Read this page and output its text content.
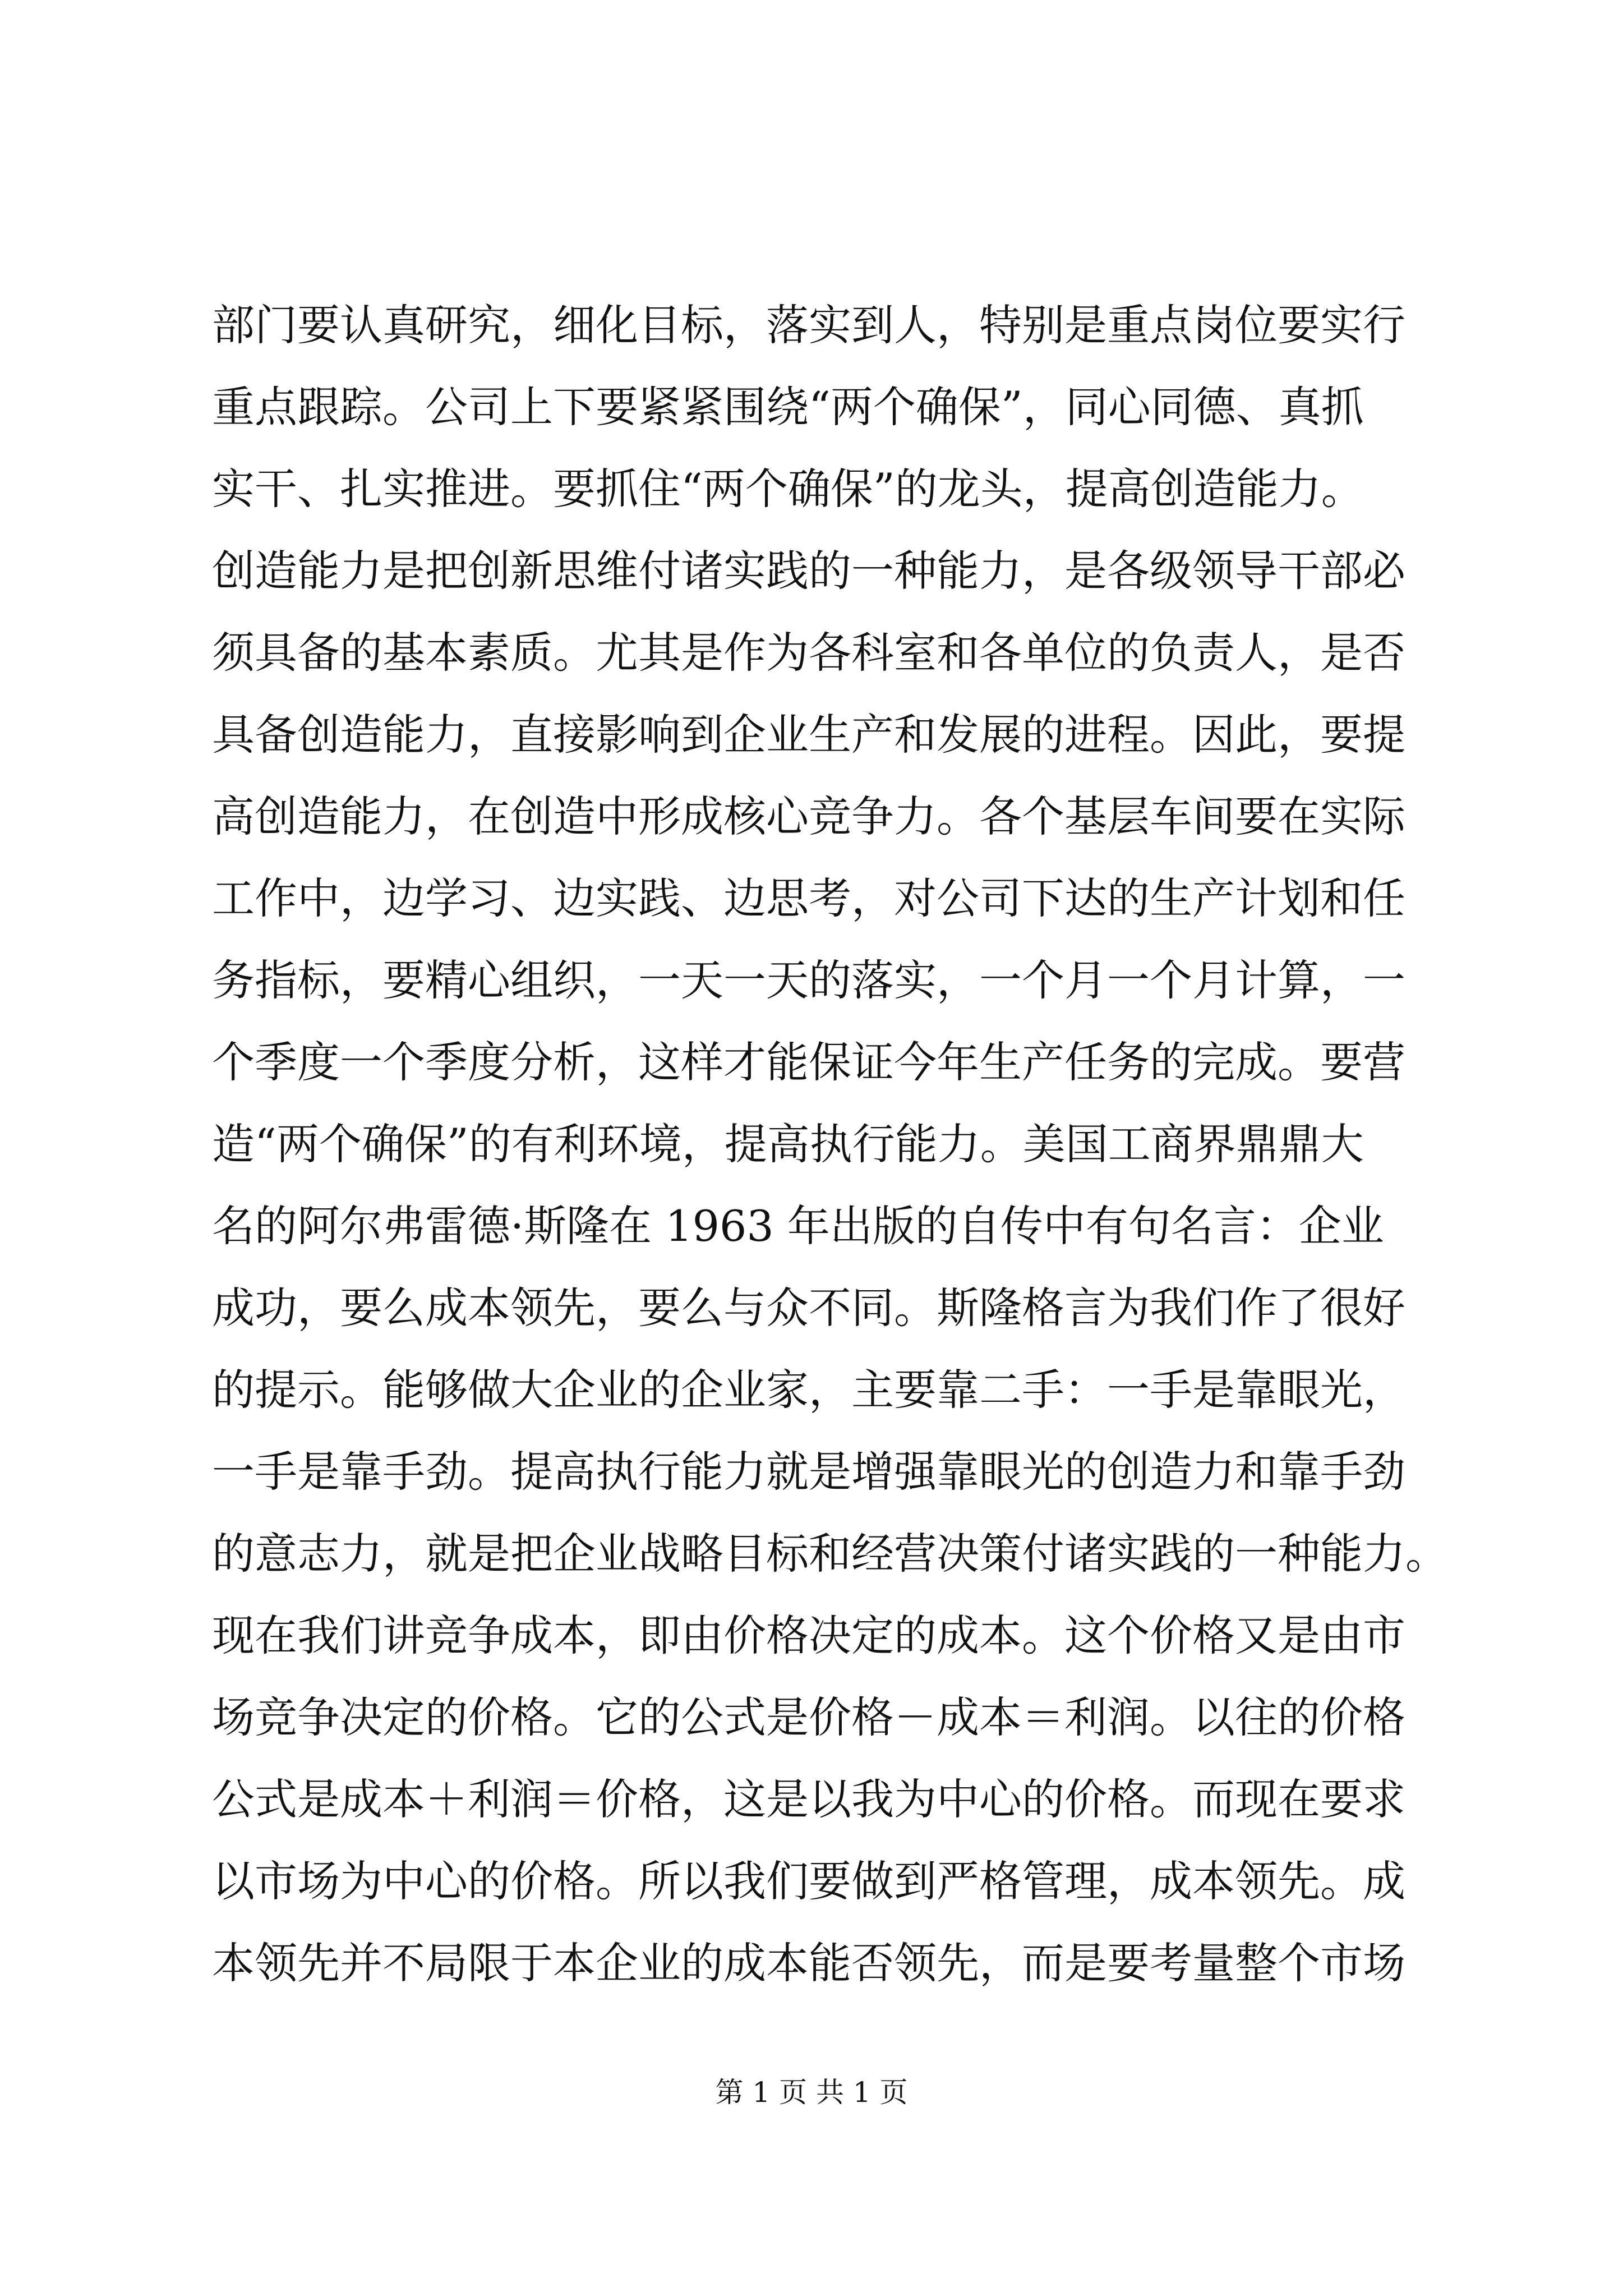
部门要认真研究，细化目标，落实到人，特别是重点岗位要实行
重点跟踪。公司上下要紧紧围绕“两个确保”，同心同德、真抓
实干、扎实推进。要抓住“两个确保”的龙头，提高创造能力。
创造能力是把创新思维付诸实践的一种能力，是各级领导干部必
须具备的基本素质。尤其是作为各科室和各单位的负责人，是否
具备创造能力，直接影响到企业生产和发展的进程。因此，要提
高创造能力，在创造中形成核心竞争力。各个基层车间要在实际
工作中，边学习、边实践、边思考，对公司下达的生产计划和任
务指标，要精心组织，一天一天的落实，一个月一个月计算，一
个季度一个季度分析，这样才能保证今年生产任务的完成。要营
造“两个确保”的有利环境，提高执行能力。美国工商界鼎鼎大
名的阿尔弗雷德·斯隆在 1963 年出版的自传中有句名言：企业
成功，要么成本领先，要么与众不同。斯隆格言为我们作了很好
的提示。能够做大企业的企业家，主要靠二手：一手是靠眼光，
一手是靠手劲。提高执行能力就是增强靠眼光的创造力和靠手劲
的意志力，就是把企业战略目标和经营决策付诸实践的一种能力。
现在我们讲竞争成本，即由价格决定的成本。这个价格又是由市
场竞争决定的价格。它的公式是价格－成本＝利润。以往的价格
公式是成本＋利润＝价格，这是以我为中心的价格。而现在要求
以市场为中心的价格。所以我们要做到严格管理，成本领先。成
本领先并不局限于本企业的成本能否领先，而是要考量整个市场
第 1 页 共 1 页
